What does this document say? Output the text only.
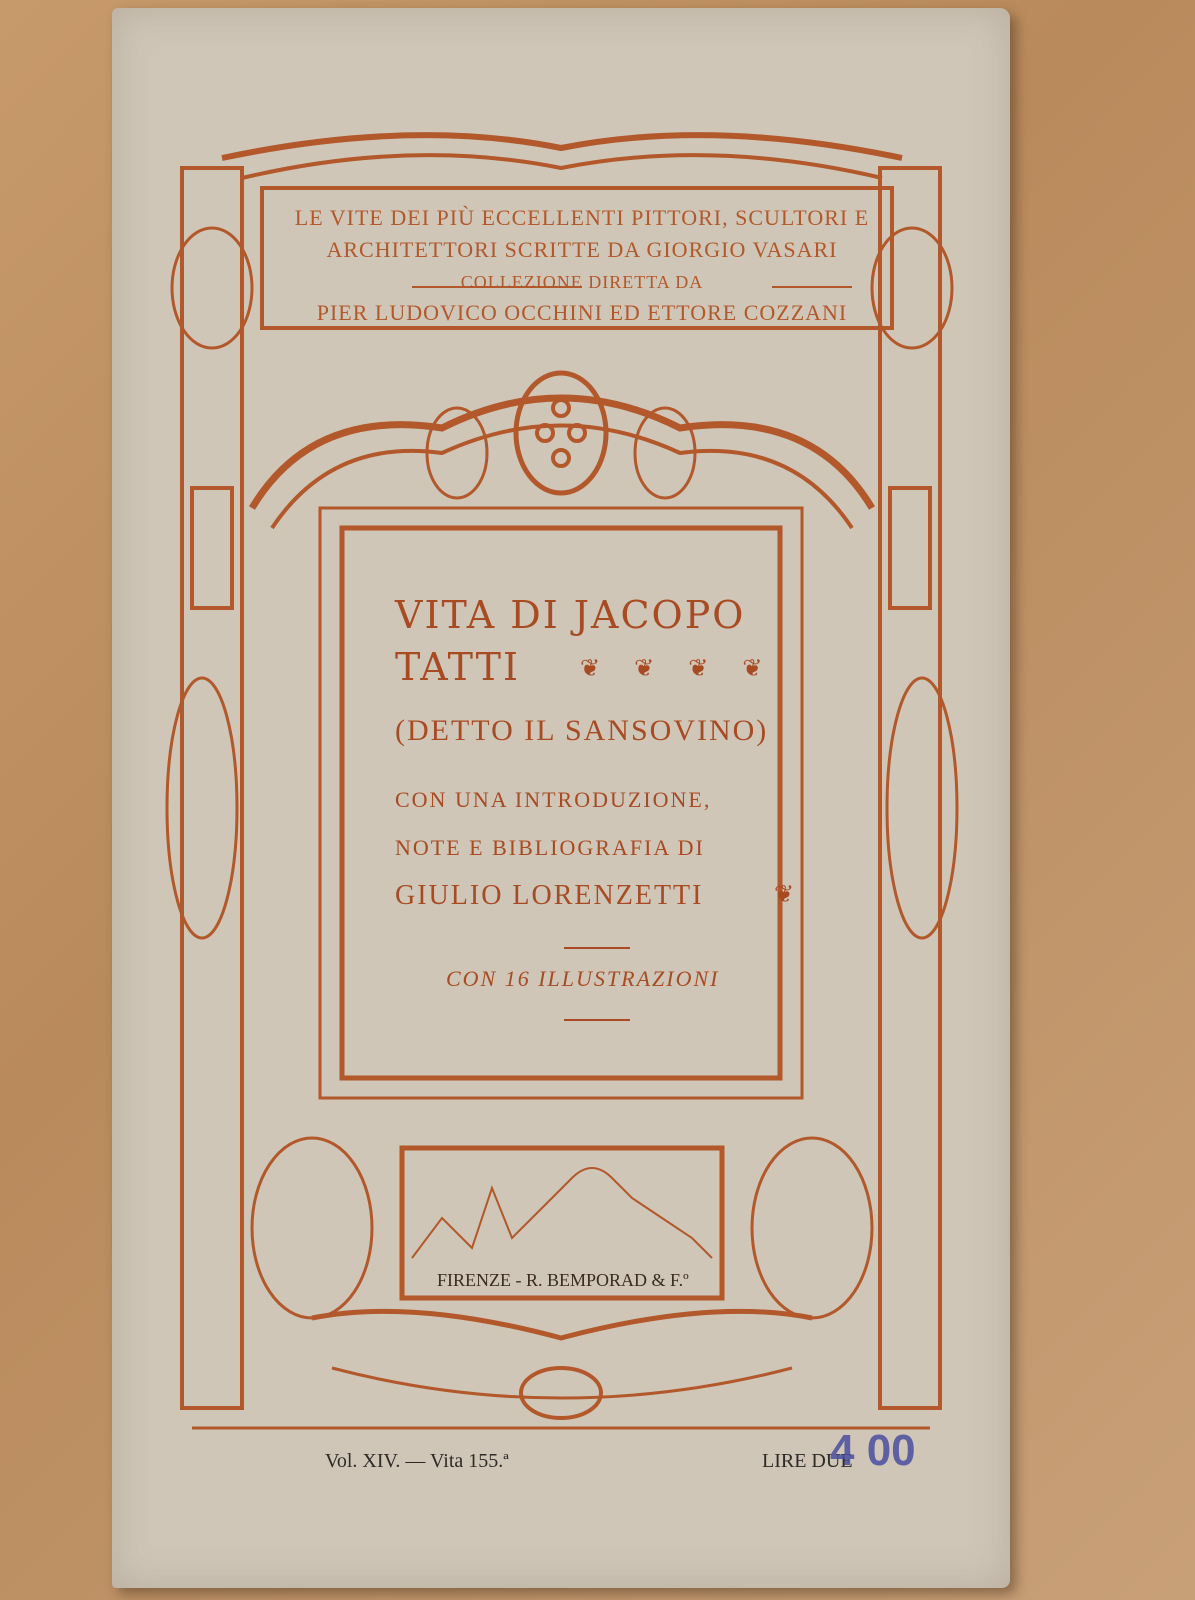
LE VITE DEI PIÙ ECCELLENTI PITTORI, SCULTORI E
ARCHITETTORI SCRITTE DA GIORGIO VASARI
COLLEZIONE DIRETTA DA
PIER LUDOVICO OCCHINI ED ETTORE COZZANI
VITA DI JACOPO
TATTI ❦ ❦ ❦ ❦
(DETTO IL SANSOVINO)
CON UNA INTRODUZIONE,
NOTE E BIBLIOGRAFIA DI
GIULIO LORENZETTI	❦
CON 16 ILLUSTRAZIONI
FIRENZE - R. BEMPORAD & F.º
Vol. XIV. — Vita 155.ª	LIRE DUE
4 00
